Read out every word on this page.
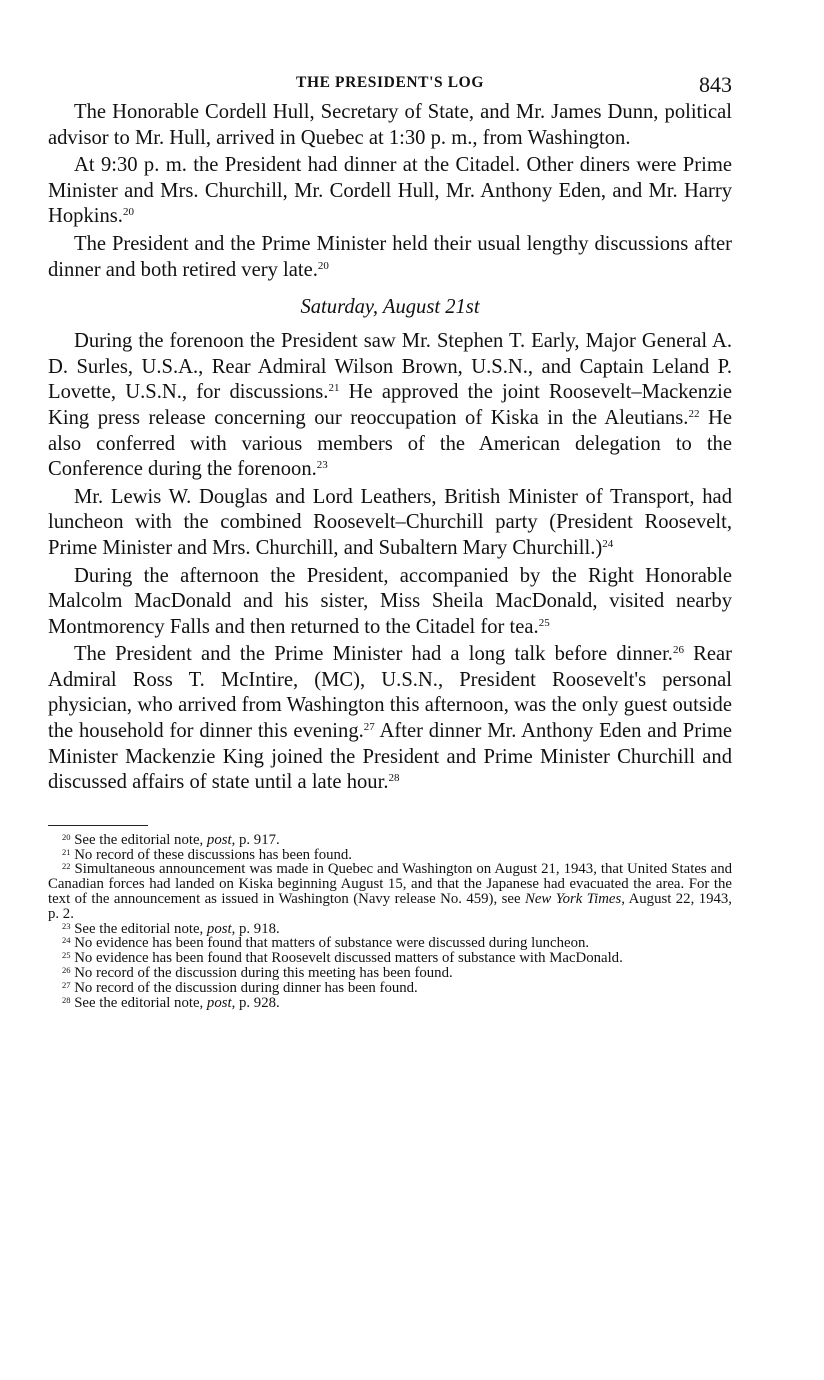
THE PRESIDENT'S LOG	843

The Honorable Cordell Hull, Secretary of State, and Mr. James Dunn, political advisor to Mr. Hull, arrived in Quebec at 1:30 p. m., from Washington.

At 9:30 p. m. the President had dinner at the Citadel. Other diners were Prime Minister and Mrs. Churchill, Mr. Cordell Hull, Mr. Anthony Eden, and Mr. Harry Hopkins.$^{20}$

The President and the Prime Minister held their usual lengthy discussions after dinner and both retired very late.$^{20}$

Saturday, August 21st

During the forenoon the President saw Mr. Stephen T. Early, Major General A. D. Surles, U.S.A., Rear Admiral Wilson Brown, U.S.N., and Captain Leland P. Lovette, U.S.N., for discussions.$^{21}$ He approved the joint Roosevelt–Mackenzie King press release concerning our reoccupation of Kiska in the Aleutians.$^{22}$ He also conferred with various members of the American delegation to the Conference during the forenoon.$^{23}$

Mr. Lewis W. Douglas and Lord Leathers, British Minister of Transport, had luncheon with the combined Roosevelt–Churchill party (President Roosevelt, Prime Minister and Mrs. Churchill, and Subaltern Mary Churchill.)$^{24}$

During the afternoon the President, accompanied by the Right Honorable Malcolm MacDonald and his sister, Miss Sheila MacDonald, visited nearby Montmorency Falls and then returned to the Citadel for tea.$^{25}$

The President and the Prime Minister had a long talk before dinner.$^{26}$ Rear Admiral Ross T. McIntire, (MC), U.S.N., President Roosevelt's personal physician, who arrived from Washington this afternoon, was the only guest outside the household for dinner this evening.$^{27}$ After dinner Mr. Anthony Eden and Prime Minister Mackenzie King joined the President and Prime Minister Churchill and discussed affairs of state until a late hour.$^{28}$

$^{20}$ See the editorial note, post, p. 917.

$^{21}$ No record of these discussions has been found.

$^{22}$ Simultaneous announcement was made in Quebec and Washington on August 21, 1943, that United States and Canadian forces had landed on Kiska beginning August 15, and that the Japanese had evacuated the area. For the text of the announcement as issued in Washington (Navy release No. 459), see New York Times, August 22, 1943, p. 2.

$^{23}$ See the editorial note, post, p. 918.

$^{24}$ No evidence has been found that matters of substance were discussed during luncheon.

$^{25}$ No evidence has been found that Roosevelt discussed matters of substance with MacDonald.

$^{26}$ No record of the discussion during this meeting has been found.

$^{27}$ No record of the discussion during dinner has been found.

$^{28}$ See the editorial note, post, p. 928.
